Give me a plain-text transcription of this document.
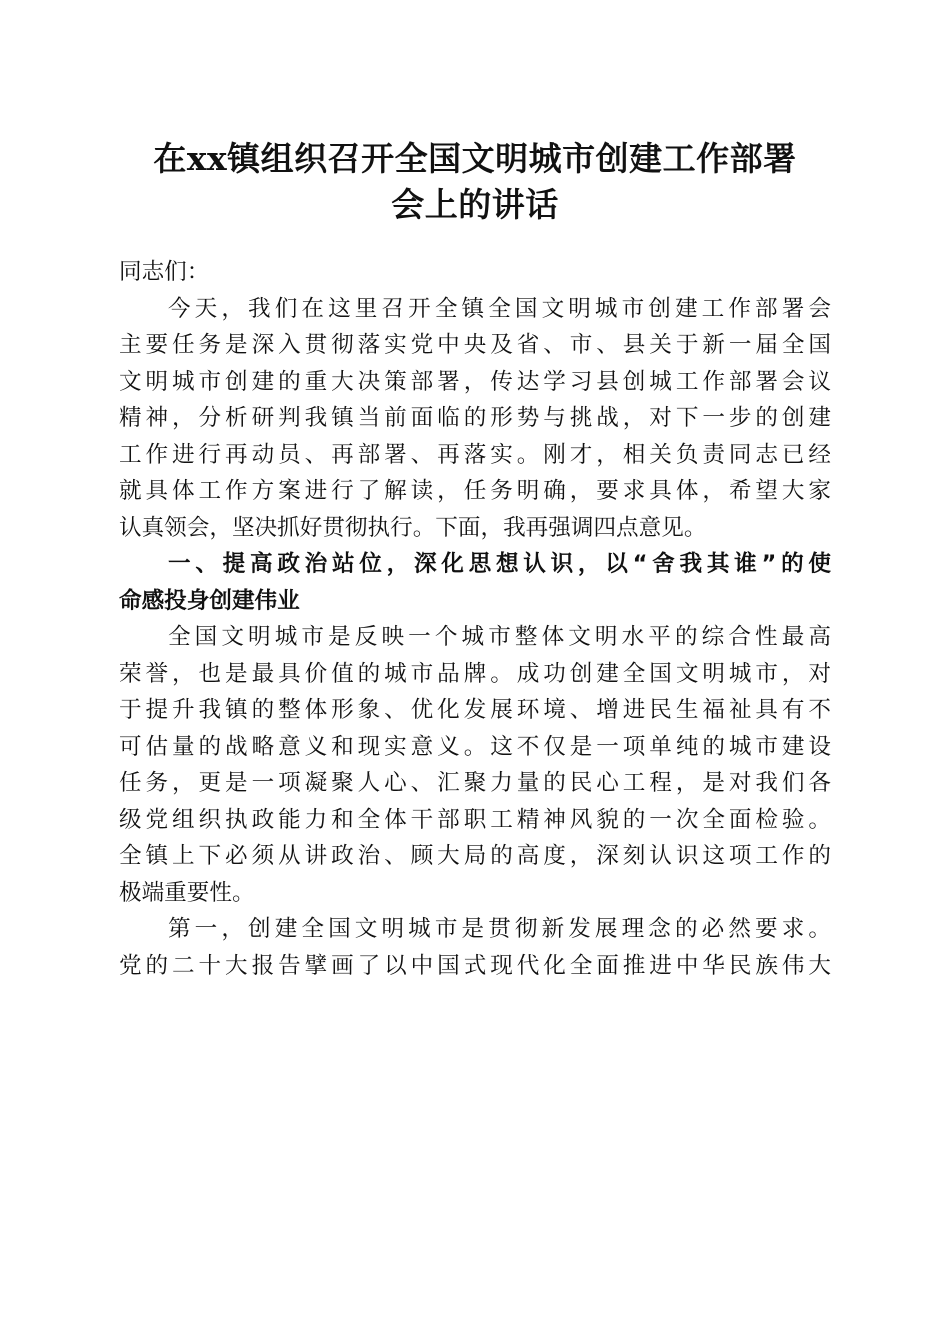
在xx镇组织召开全国文明城市创建工作部署
会上的讲话
同志们：
今天，我们在这里召开全镇全国文明城市创建工作部署会
主要任务是深入贯彻落实党中央及省、市、县关于新一届全国
文明城市创建的重大决策部署，传达学习县创城工作部署会议
精神，分析研判我镇当前面临的形势与挑战，对下一步的创建
工作进行再动员、再部署、再落实。刚才，相关负责同志已经
就具体工作方案进行了解读，任务明确，要求具体，希望大家
认真领会，坚决抓好贯彻执行。下面，我再强调四点意见。
一、提高政治站位，深化思想认识，以“舍我其谁”的使
命感投身创建伟业
全国文明城市是反映一个城市整体文明水平的综合性最高
荣誉，也是最具价值的城市品牌。成功创建全国文明城市，对
于提升我镇的整体形象、优化发展环境、增进民生福祉具有不
可估量的战略意义和现实意义。这不仅是一项单纯的城市建设
任务，更是一项凝聚人心、汇聚力量的民心工程，是对我们各
级党组织执政能力和全体干部职工精神风貌的一次全面检验。
全镇上下必须从讲政治、顾大局的高度，深刻认识这项工作的
极端重要性。
第一，创建全国文明城市是贯彻新发展理念的必然要求。
党的二十大报告擘画了以中国式现代化全面推进中华民族伟大
